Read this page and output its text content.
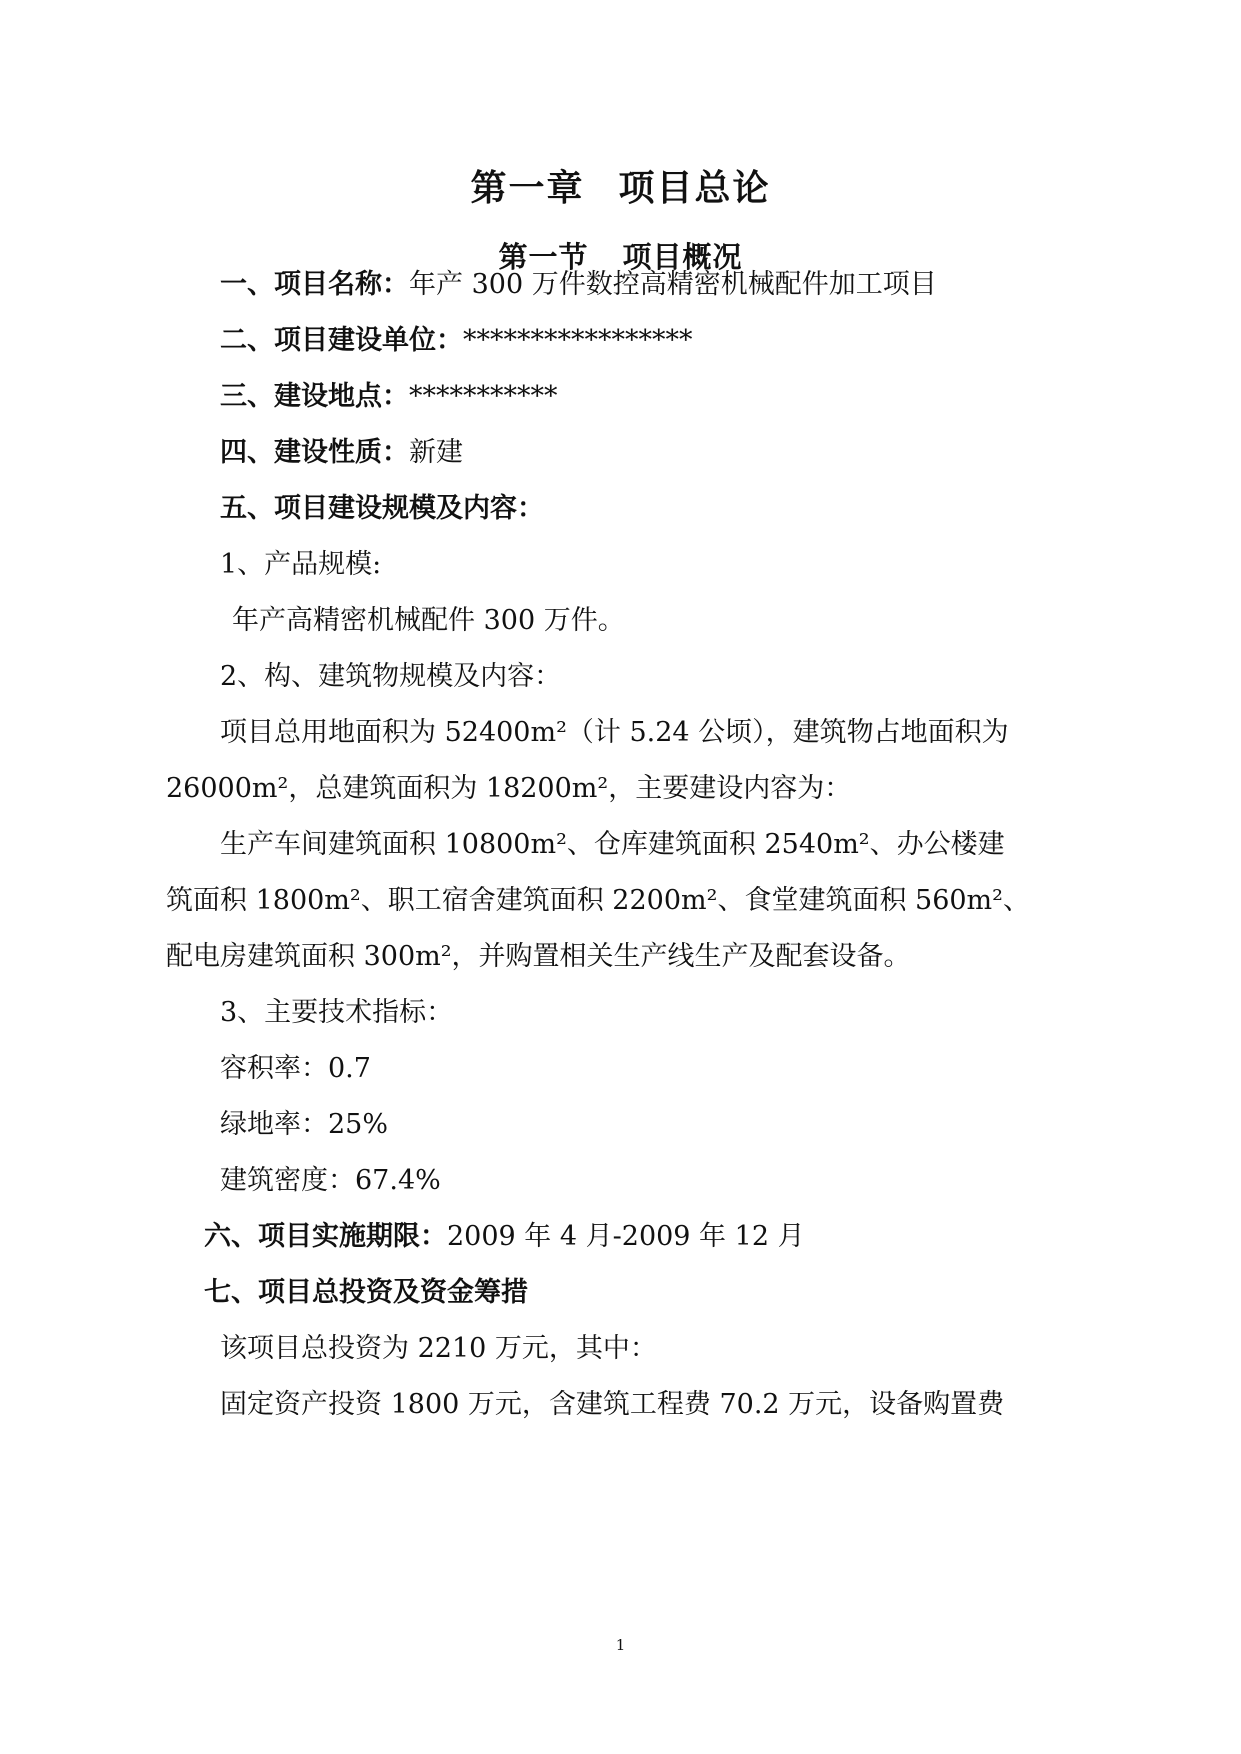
第一章 项目总论
第一节 项目概况
一、项目名称：年产 300 万件数控高精密机械配件加工项目
二、项目建设单位：*****************
三、建设地点：***********
四、建设性质：新建
五、项目建设规模及内容：
1、产品规模:
年产高精密机械配件 300 万件。
2、构、建筑物规模及内容：
项目总用地面积为 52400m²（计 5.24 公顷），建筑物占地面积为
26000m²，总建筑面积为 18200m²，主要建设内容为：
生产车间建筑面积 10800m²、仓库建筑面积 2540m²、办公楼建
筑面积 1800m²、职工宿舍建筑面积 2200m²、食堂建筑面积 560m²、
配电房建筑面积 300m²，并购置相关生产线生产及配套设备。
3、主要技术指标：
容积率：0.7
绿地率：25%
建筑密度：67.4%
六、项目实施期限：2009 年 4 月-2009 年 12 月
七、项目总投资及资金筹措
该项目总投资为 2210 万元，其中：
固定资产投资 1800 万元，含建筑工程费 70.2 万元，设备购置费
1
